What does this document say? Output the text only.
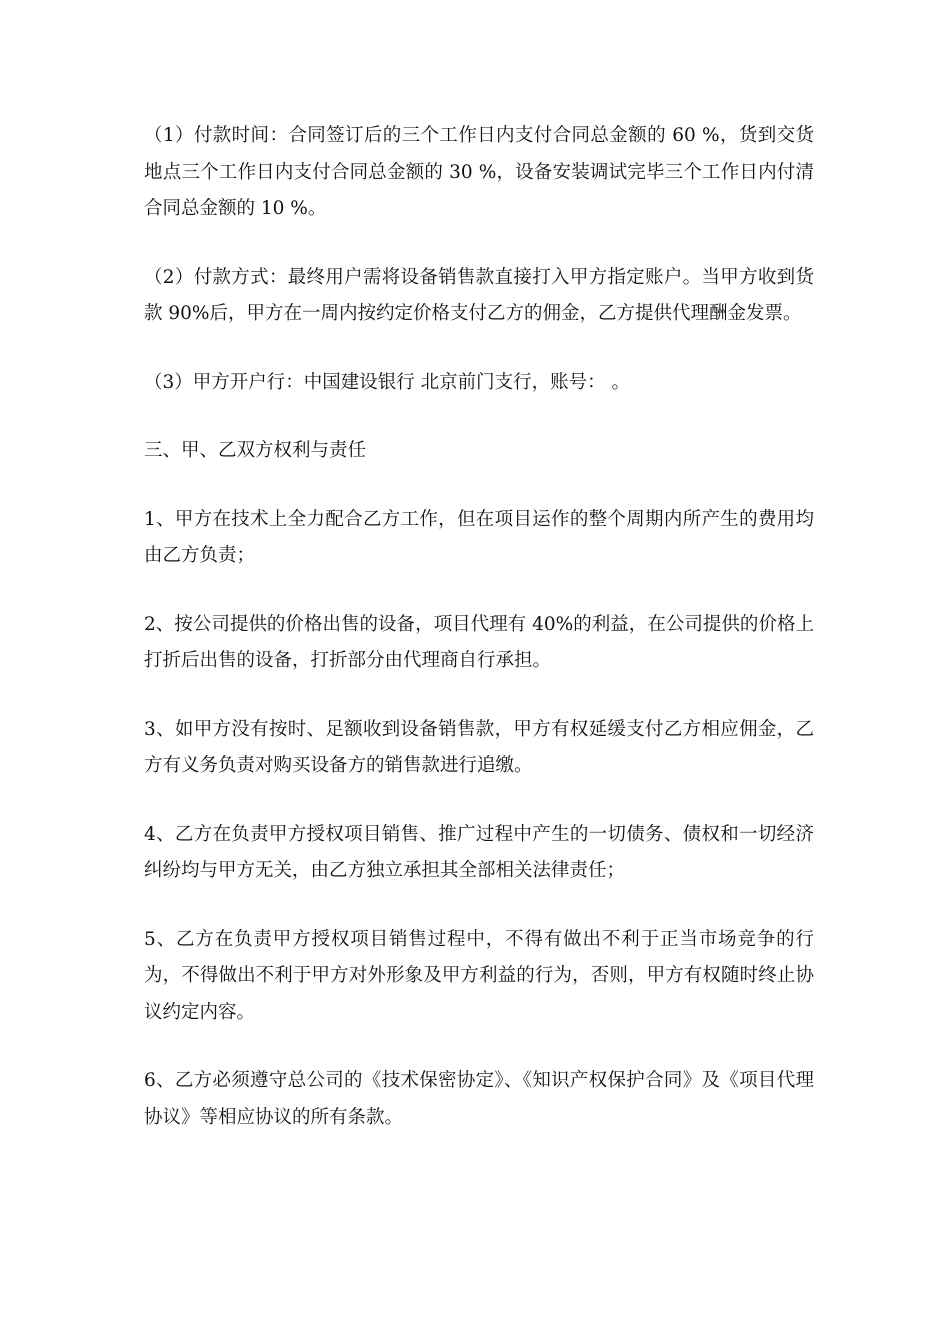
（1）付款时间：合同签订后的三个工作日内支付合同总金额的 60 %，货到交货地点三个工作日内支付合同总金额的 30 %，设备安装调试完毕三个工作日内付清合同总金额的 10 %。

（2）付款方式：最终用户需将设备销售款直接打入甲方指定账户。当甲方收到货款 90%后，甲方在一周内按约定价格支付乙方的佣金，乙方提供代理酬金发票。

（3）甲方开户行：中国建设银行 北京前门支行，账号： 。

三、甲、乙双方权利与责任

1、甲方在技术上全力配合乙方工作，但在项目运作的整个周期内所产生的费用均由乙方负责；

2、按公司提供的价格出售的设备，项目代理有 40%的利益，在公司提供的价格上打折后出售的设备，打折部分由代理商自行承担。

3、如甲方没有按时、足额收到设备销售款，甲方有权延缓支付乙方相应佣金，乙方有义务负责对购买设备方的销售款进行追缴。

4、乙方在负责甲方授权项目销售、推广过程中产生的一切债务、债权和一切经济纠纷均与甲方无关，由乙方独立承担其全部相关法律责任；

5、乙方在负责甲方授权项目销售过程中，不得有做出不利于正当市场竞争的行为，不得做出不利于甲方对外形象及甲方利益的行为，否则，甲方有权随时终止协议约定内容。

6、乙方必须遵守总公司的《技术保密协定》、《知识产权保护合同》及《项目代理协议》等相应协议的所有条款。
